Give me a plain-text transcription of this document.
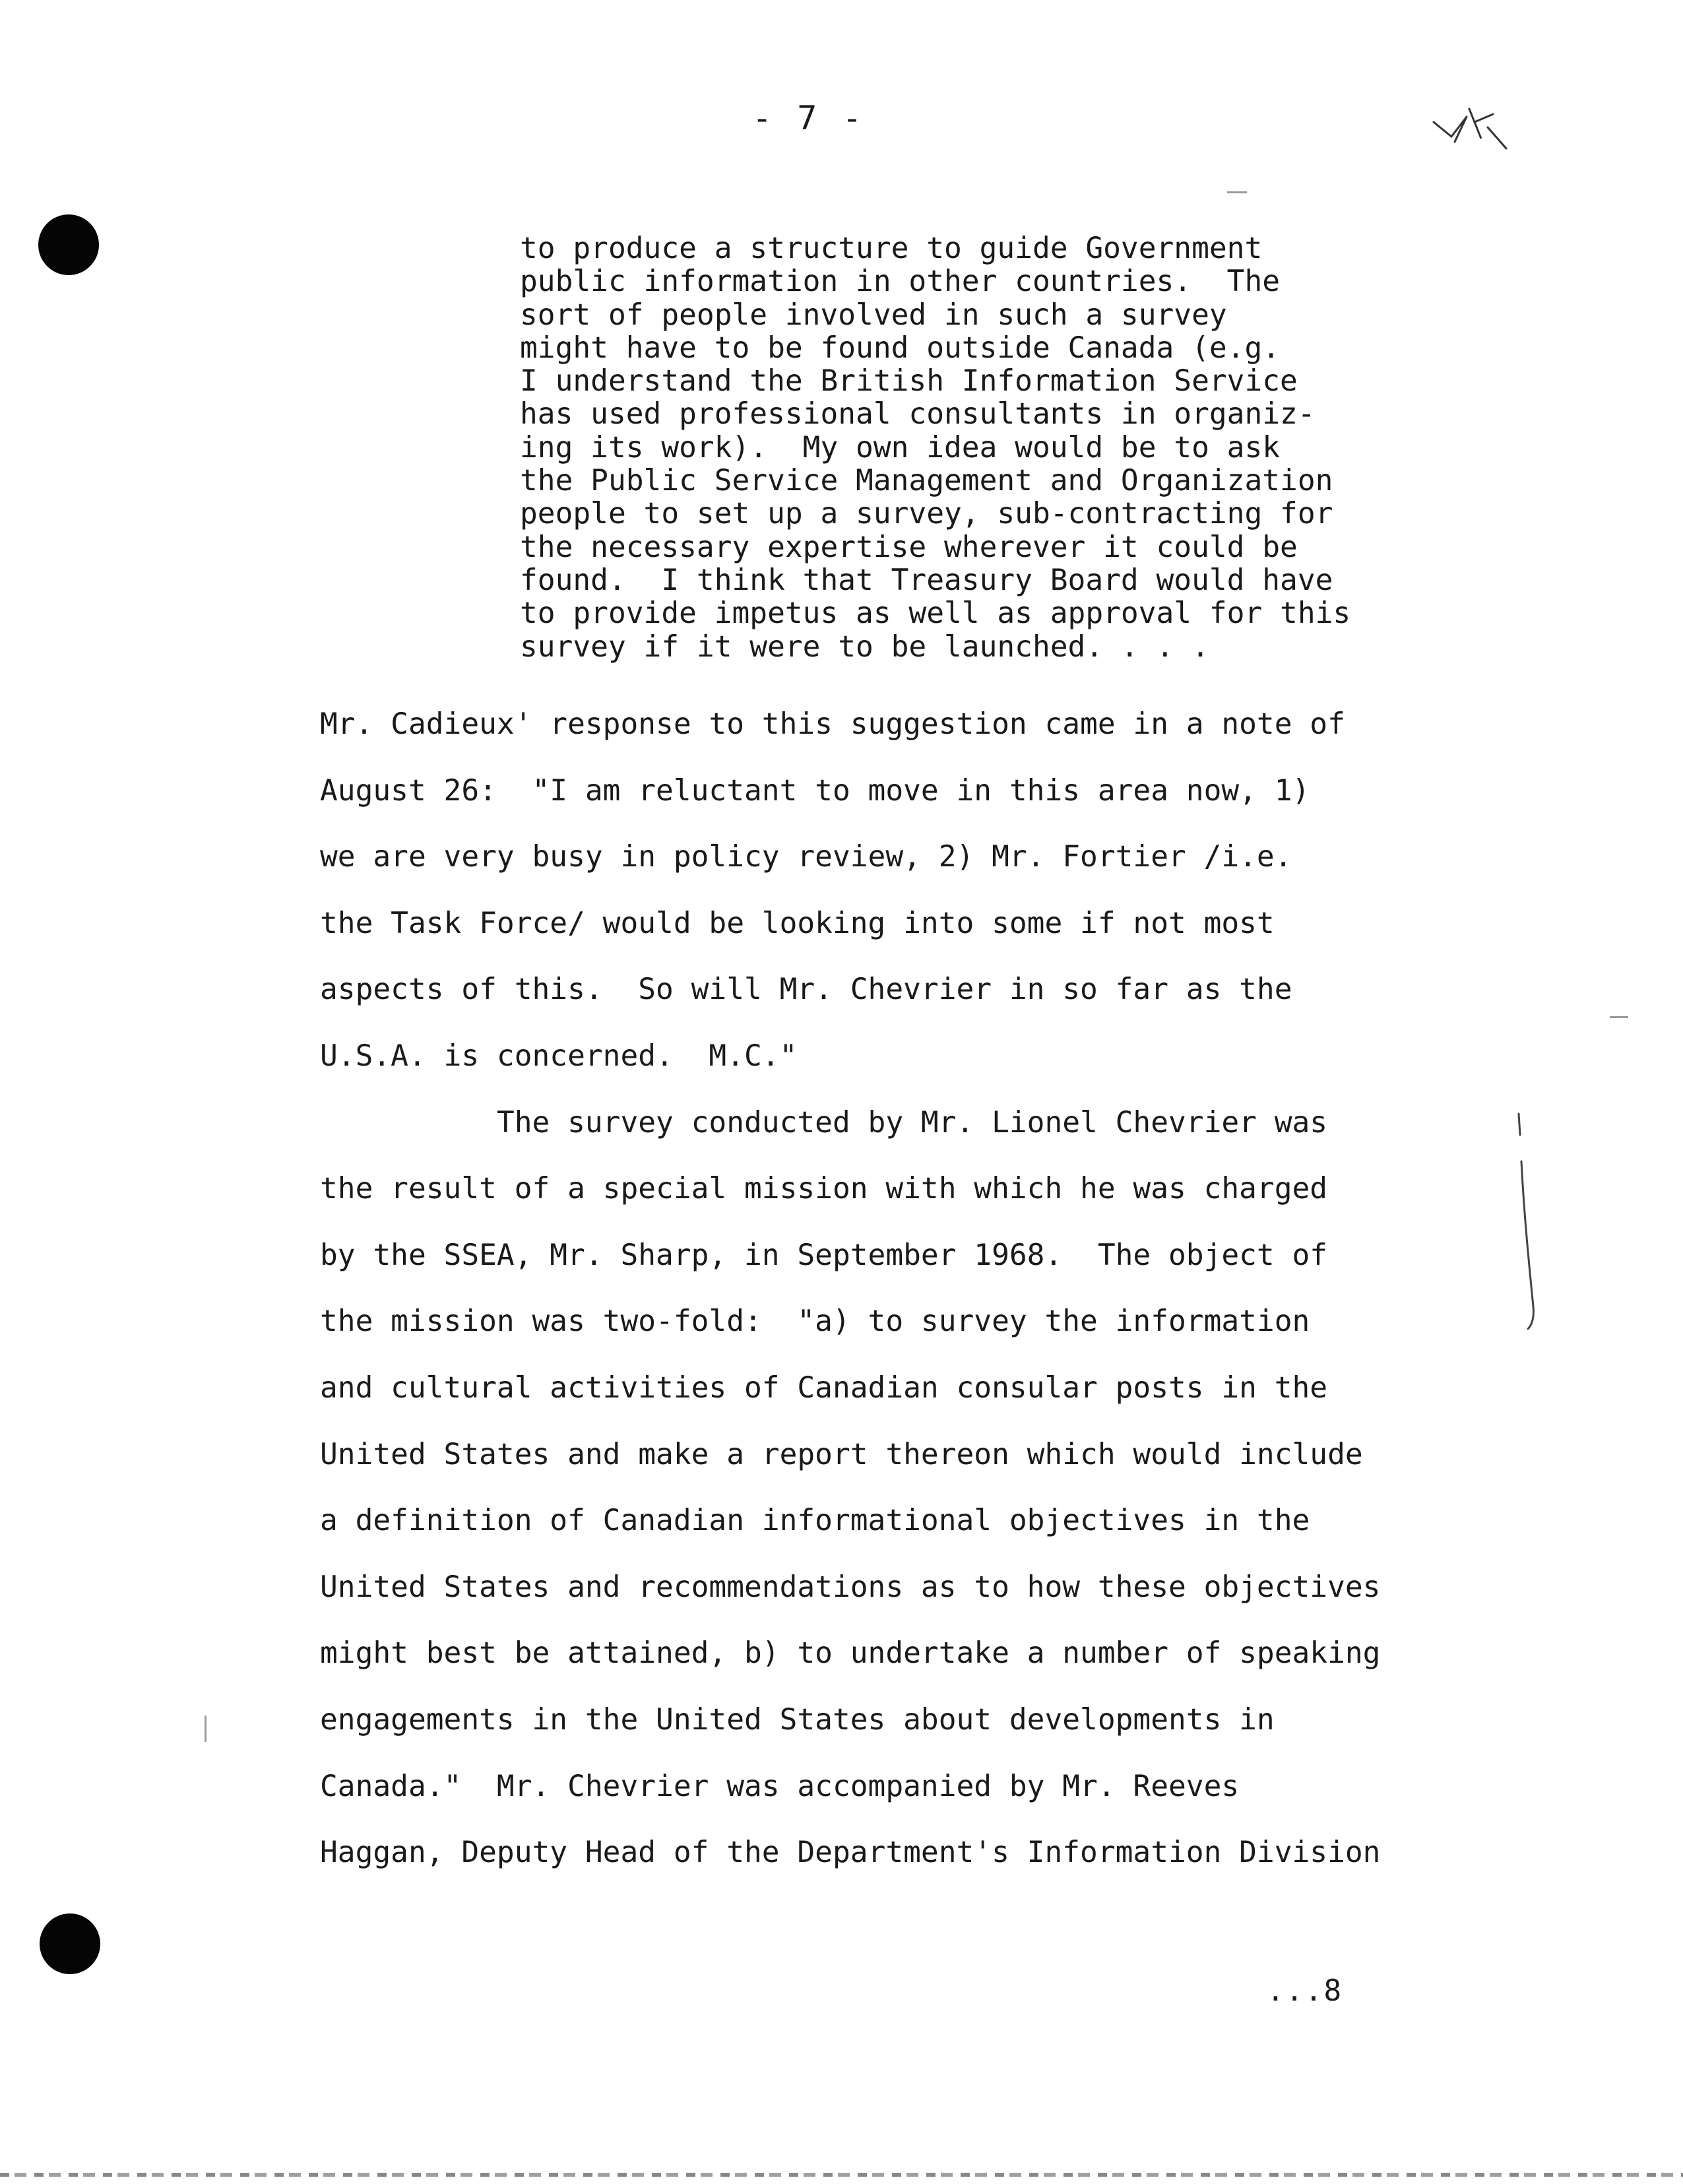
- 7 -
to produce a structure to guide Government
public information in other countries.  The
sort of people involved in such a survey
might have to be found outside Canada (e.g.
I understand the British Information Service
has used professional consultants in organiz-
ing its work).  My own idea would be to ask
the Public Service Management and Organization
people to set up a survey, sub-contracting for
the necessary expertise wherever it could be
found.  I think that Treasury Board would have
to provide impetus as well as approval for this
survey if it were to be launched. . . .
Mr. Cadieux' response to this suggestion came in a note of
August 26:  "I am reluctant to move in this area now, 1)
we are very busy in policy review, 2) Mr. Fortier /i.e.
the Task Force/ would be looking into some if not most
aspects of this.  So will Mr. Chevrier in so far as the
U.S.A. is concerned.  M.C."
The survey conducted by Mr. Lionel Chevrier was
the result of a special mission with which he was charged
by the SSEA, Mr. Sharp, in September 1968.  The object of
the mission was two-fold:  "a) to survey the information
and cultural activities of Canadian consular posts in the
United States and make a report thereon which would include
a definition of Canadian informational objectives in the
United States and recommendations as to how these objectives
might best be attained, b) to undertake a number of speaking
engagements in the United States about developments in
Canada."  Mr. Chevrier was accompanied by Mr. Reeves
Haggan, Deputy Head of the Department's Information Division
...8
